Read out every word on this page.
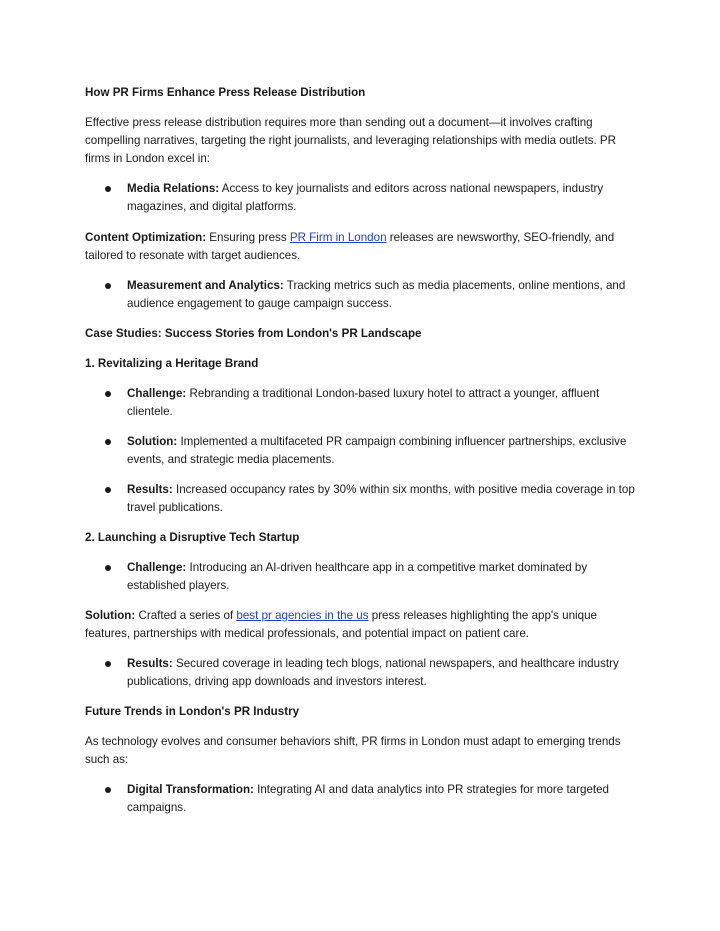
How PR Firms Enhance Press Release Distribution
Effective press release distribution requires more than sending out a document—it involves crafting compelling narratives, targeting the right journalists, and leveraging relationships with media outlets. PR firms in London excel in:
Media Relations: Access to key journalists and editors across national newspapers, industry magazines, and digital platforms.
Content Optimization: Ensuring press PR Firm in London releases are newsworthy, SEO-friendly, and tailored to resonate with target audiences.
Measurement and Analytics: Tracking metrics such as media placements, online mentions, and audience engagement to gauge campaign success.
Case Studies: Success Stories from London's PR Landscape
1. Revitalizing a Heritage Brand
Challenge: Rebranding a traditional London-based luxury hotel to attract a younger, affluent clientele.
Solution: Implemented a multifaceted PR campaign combining influencer partnerships, exclusive events, and strategic media placements.
Results: Increased occupancy rates by 30% within six months, with positive media coverage in top travel publications.
2. Launching a Disruptive Tech Startup
Challenge: Introducing an AI-driven healthcare app in a competitive market dominated by established players.
Solution: Crafted a series of best pr agencies in the us press releases highlighting the app's unique features, partnerships with medical professionals, and potential impact on patient care.
Results: Secured coverage in leading tech blogs, national newspapers, and healthcare industry publications, driving app downloads and investors interest.
Future Trends in London's PR Industry
As technology evolves and consumer behaviors shift, PR firms in London must adapt to emerging trends such as:
Digital Transformation: Integrating AI and data analytics into PR strategies for more targeted campaigns.
